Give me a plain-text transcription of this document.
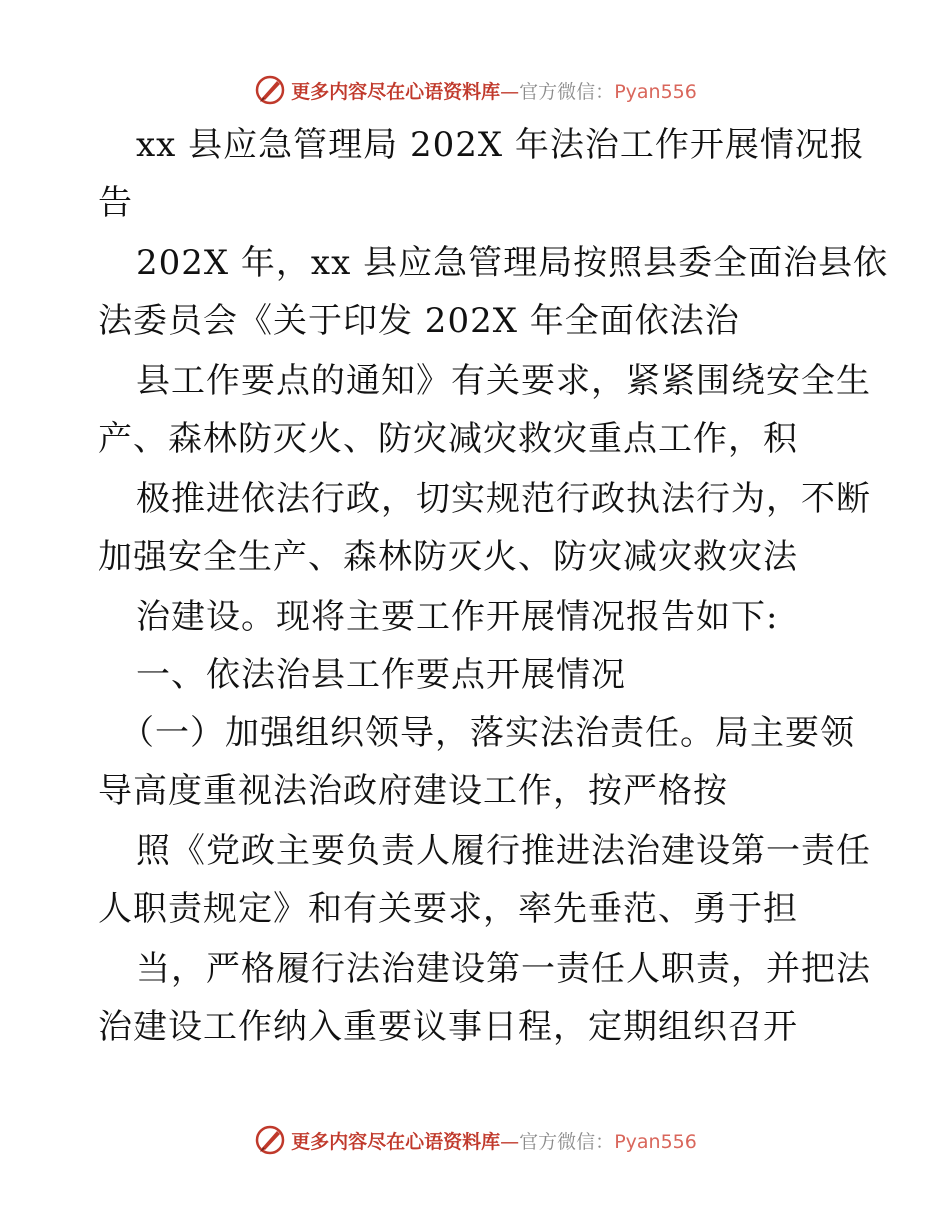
更多内容尽在心语资料库—官方微信：Pyan556
xx 县应急管理局 202X 年法治工作开展情况报
告
202X 年，xx 县应急管理局按照县委全面治县依
法委员会《关于印发 202X 年全面依法治
县工作要点的通知》有关要求，紧紧围绕安全生
产、森林防灭火、防灾减灾救灾重点工作，积
极推进依法行政，切实规范行政执法行为，不断
加强安全生产、森林防灭火、防灾减灾救灾法
治建设。现将主要工作开展情况报告如下:
一、依法治县工作要点开展情况
（一）加强组织领导，落实法治责任。局主要领
导高度重视法治政府建设工作，按严格按
照《党政主要负责人履行推进法治建设第一责任
人职责规定》和有关要求，率先垂范、勇于担
当，严格履行法治建设第一责任人职责，并把法
治建设工作纳入重要议事日程，定期组织召开
更多内容尽在心语资料库—官方微信：Pyan556
